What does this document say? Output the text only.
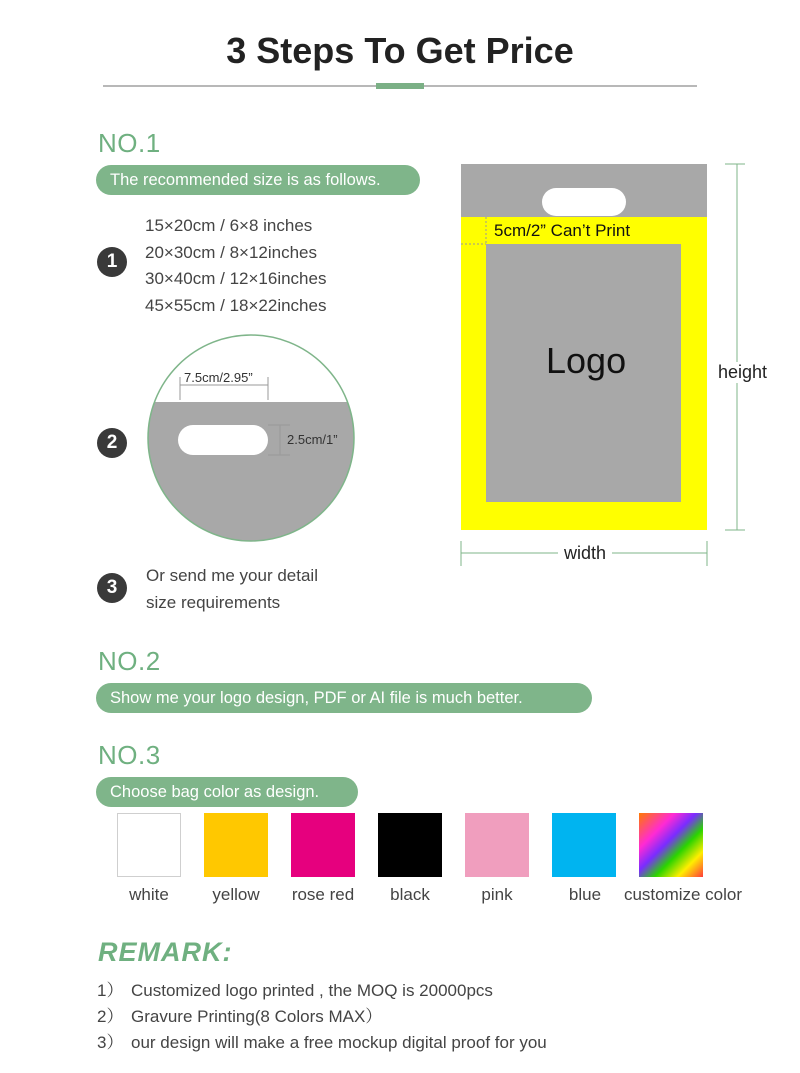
3 Steps To Get Price
NO.1
The recommended size is as follows.
1
15×20cm / 6×8 inches
20×30cm / 8×12inches
30×40cm / 12×16inches
45×55cm / 18×22inches
2
7.5cm/2.95”
2.5cm/1”
3
Or send me your detail
size requirements
5cm/2” Can’t Print
Logo	height
width
NO.2
Show me your logo design, PDF or AI file is much better.
NO.3
Choose bag color as design.
white	yellow	rose red	black	pink	blue	customize color
REMARK:
1） Customized logo printed , the MOQ is 20000pcs
2） Gravure Printing(8 Colors MAX）
3） our design will make a free mockup digital proof for you
